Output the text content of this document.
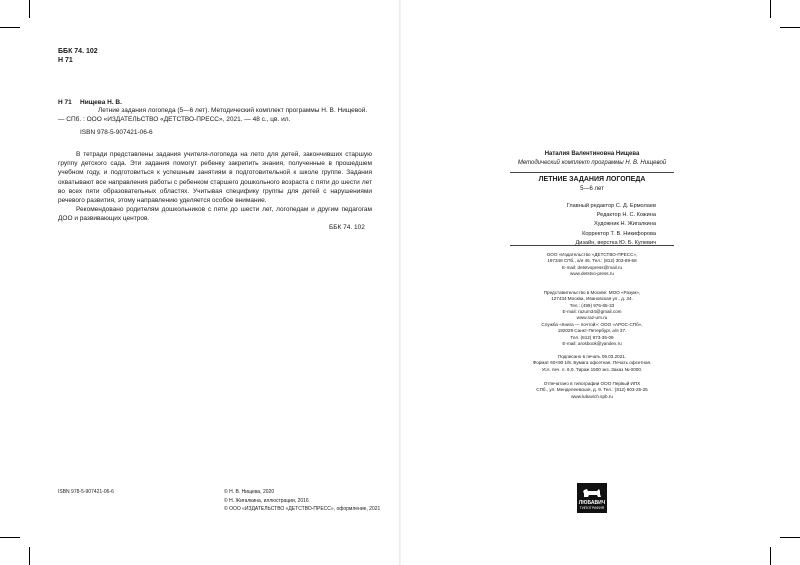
ББК 74. 102
Н 71
Н 71 Нищева Н. В.
Летние задания логопеда (5—6 лет). Методический комплект программы Н. В. Нищевой. — СПб. : ООО «ИЗДАТЕЛЬСТВО «ДЕТСТВО-ПРЕСС», 2021. — 48 с., цв. ил.
ISBN 978-5-907421-06-6

В тетради представлены задания учителя-логопеда на лето для детей, закончивших старшую группу детского сада. Эти задания помогут ребенку закрепить знания, полученные в прошедшем учебном году, и подготовиться к успешным занятиям в подготовительной к школе группе. Задания охватывают все направления работы с ребенком старшего дошкольного возраста с пяти до шести лет во всех пяти образовательных областях. Учитывая специфику группы для детей с нарушениями речевого развития, этому направлению уделяется особое внимание.

Рекомендовано родителям дошкольников с пяти до шести лет, логопедам и другим педагогам ДОО и развивающих центров.

ББК 74. 102
ISBN 978-5-907421-06-6	© Н. В. Нищева, 2020
© Н. Жигалкина, иллюстрации, 2016
© ООО «ИЗДАТЕЛЬСТВО «ДЕТСТВО-ПРЕСС», оформление, 2021
Наталия Валентиновна Нищева
Методический комплект программы Н. В. Нищевой
ЛЕТНИЕ ЗАДАНИЯ ЛОГОПЕДА
5—6 лет
Главный редактор С. Д. Ермолаев
Редактор Н. С. Кожина
Художник Н. Жигалкина
Корректор Т. В. Никифорова
Дизайн, верстка Ю. Б. Кулевич
ООО «Издательство «ДЕТСТВО-ПРЕСС»,
197348 СПб., а/я 45. Тел.: (812) 303-89-58
E-mail: detstvopress@mail.ru
www.detstvo-press.ru
Представительство в Москве: МОО «Разум»,
127434 Москва, Ивановская ул., д. 34.
Тел.: (499) 976-65-33
E-mail: razum34@gmail.com
www.raz-um.ru
Служба «Книга — почтой»: ООО «АРОС-СПб»,
192029 Санкт-Петербург, а/я 37.
Тел. (812) 973-35-09
E-mail: arosbook@yandex.ru
Подписано в печать 09.03.2021.
Формат 60×90 1/8. Бумага офсетная. Печать офсетная.
Усл. печ. л. 6,0. Тираж 1500 экз. Заказ № 0000.
Отпечатано в типографии ООО Первый ИПХ
СПб., ул. Менделеевская, д. 9. Тел.: (812) 603-25-25
www.lubavich.spb.ru
ЛЮБАВИЧ
ТИПОГРАФИЯ
